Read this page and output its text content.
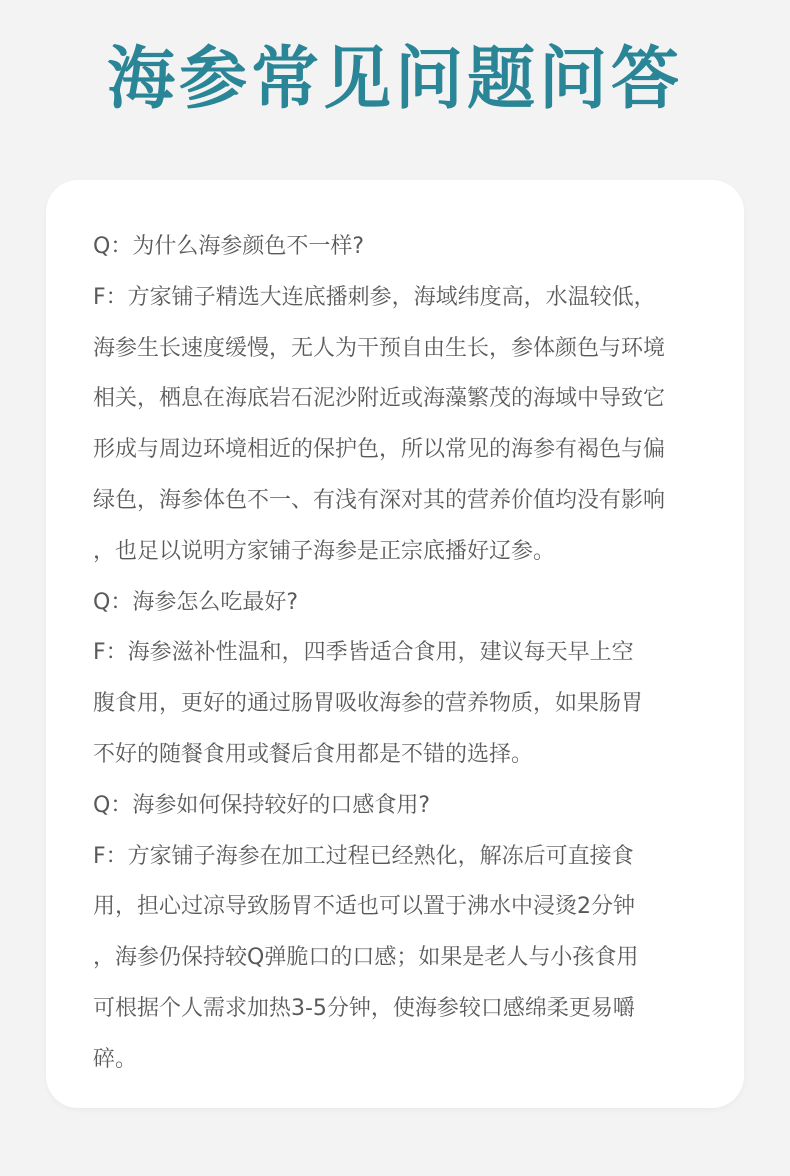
海参常见问题问答
Q：为什么海参颜色不一样?
F：方家铺子精选大连底播刺参，海域纬度高，水温较低，
海参生长速度缓慢，无人为干预自由生长，参体颜色与环境
相关，栖息在海底岩石泥沙附近或海藻繁茂的海域中导致它
形成与周边环境相近的保护色，所以常见的海参有褐色与偏
绿色，海参体色不一、有浅有深对其的营养价值均没有影响
，也足以说明方家铺子海参是正宗底播好辽参。
Q：海参怎么吃最好?
F：海参滋补性温和，四季皆适合食用，建议每天早上空
腹食用，更好的通过肠胃吸收海参的营养物质，如果肠胃
不好的随餐食用或餐后食用都是不错的选择。
Q：海参如何保持较好的口感食用?
F：方家铺子海参在加工过程已经熟化，解冻后可直接食
用，担心过凉导致肠胃不适也可以置于沸水中浸烫2分钟
，海参仍保持较Q弹脆口的口感；如果是老人与小孩食用
可根据个人需求加热3-5分钟，使海参较口感绵柔更易嚼
碎。
